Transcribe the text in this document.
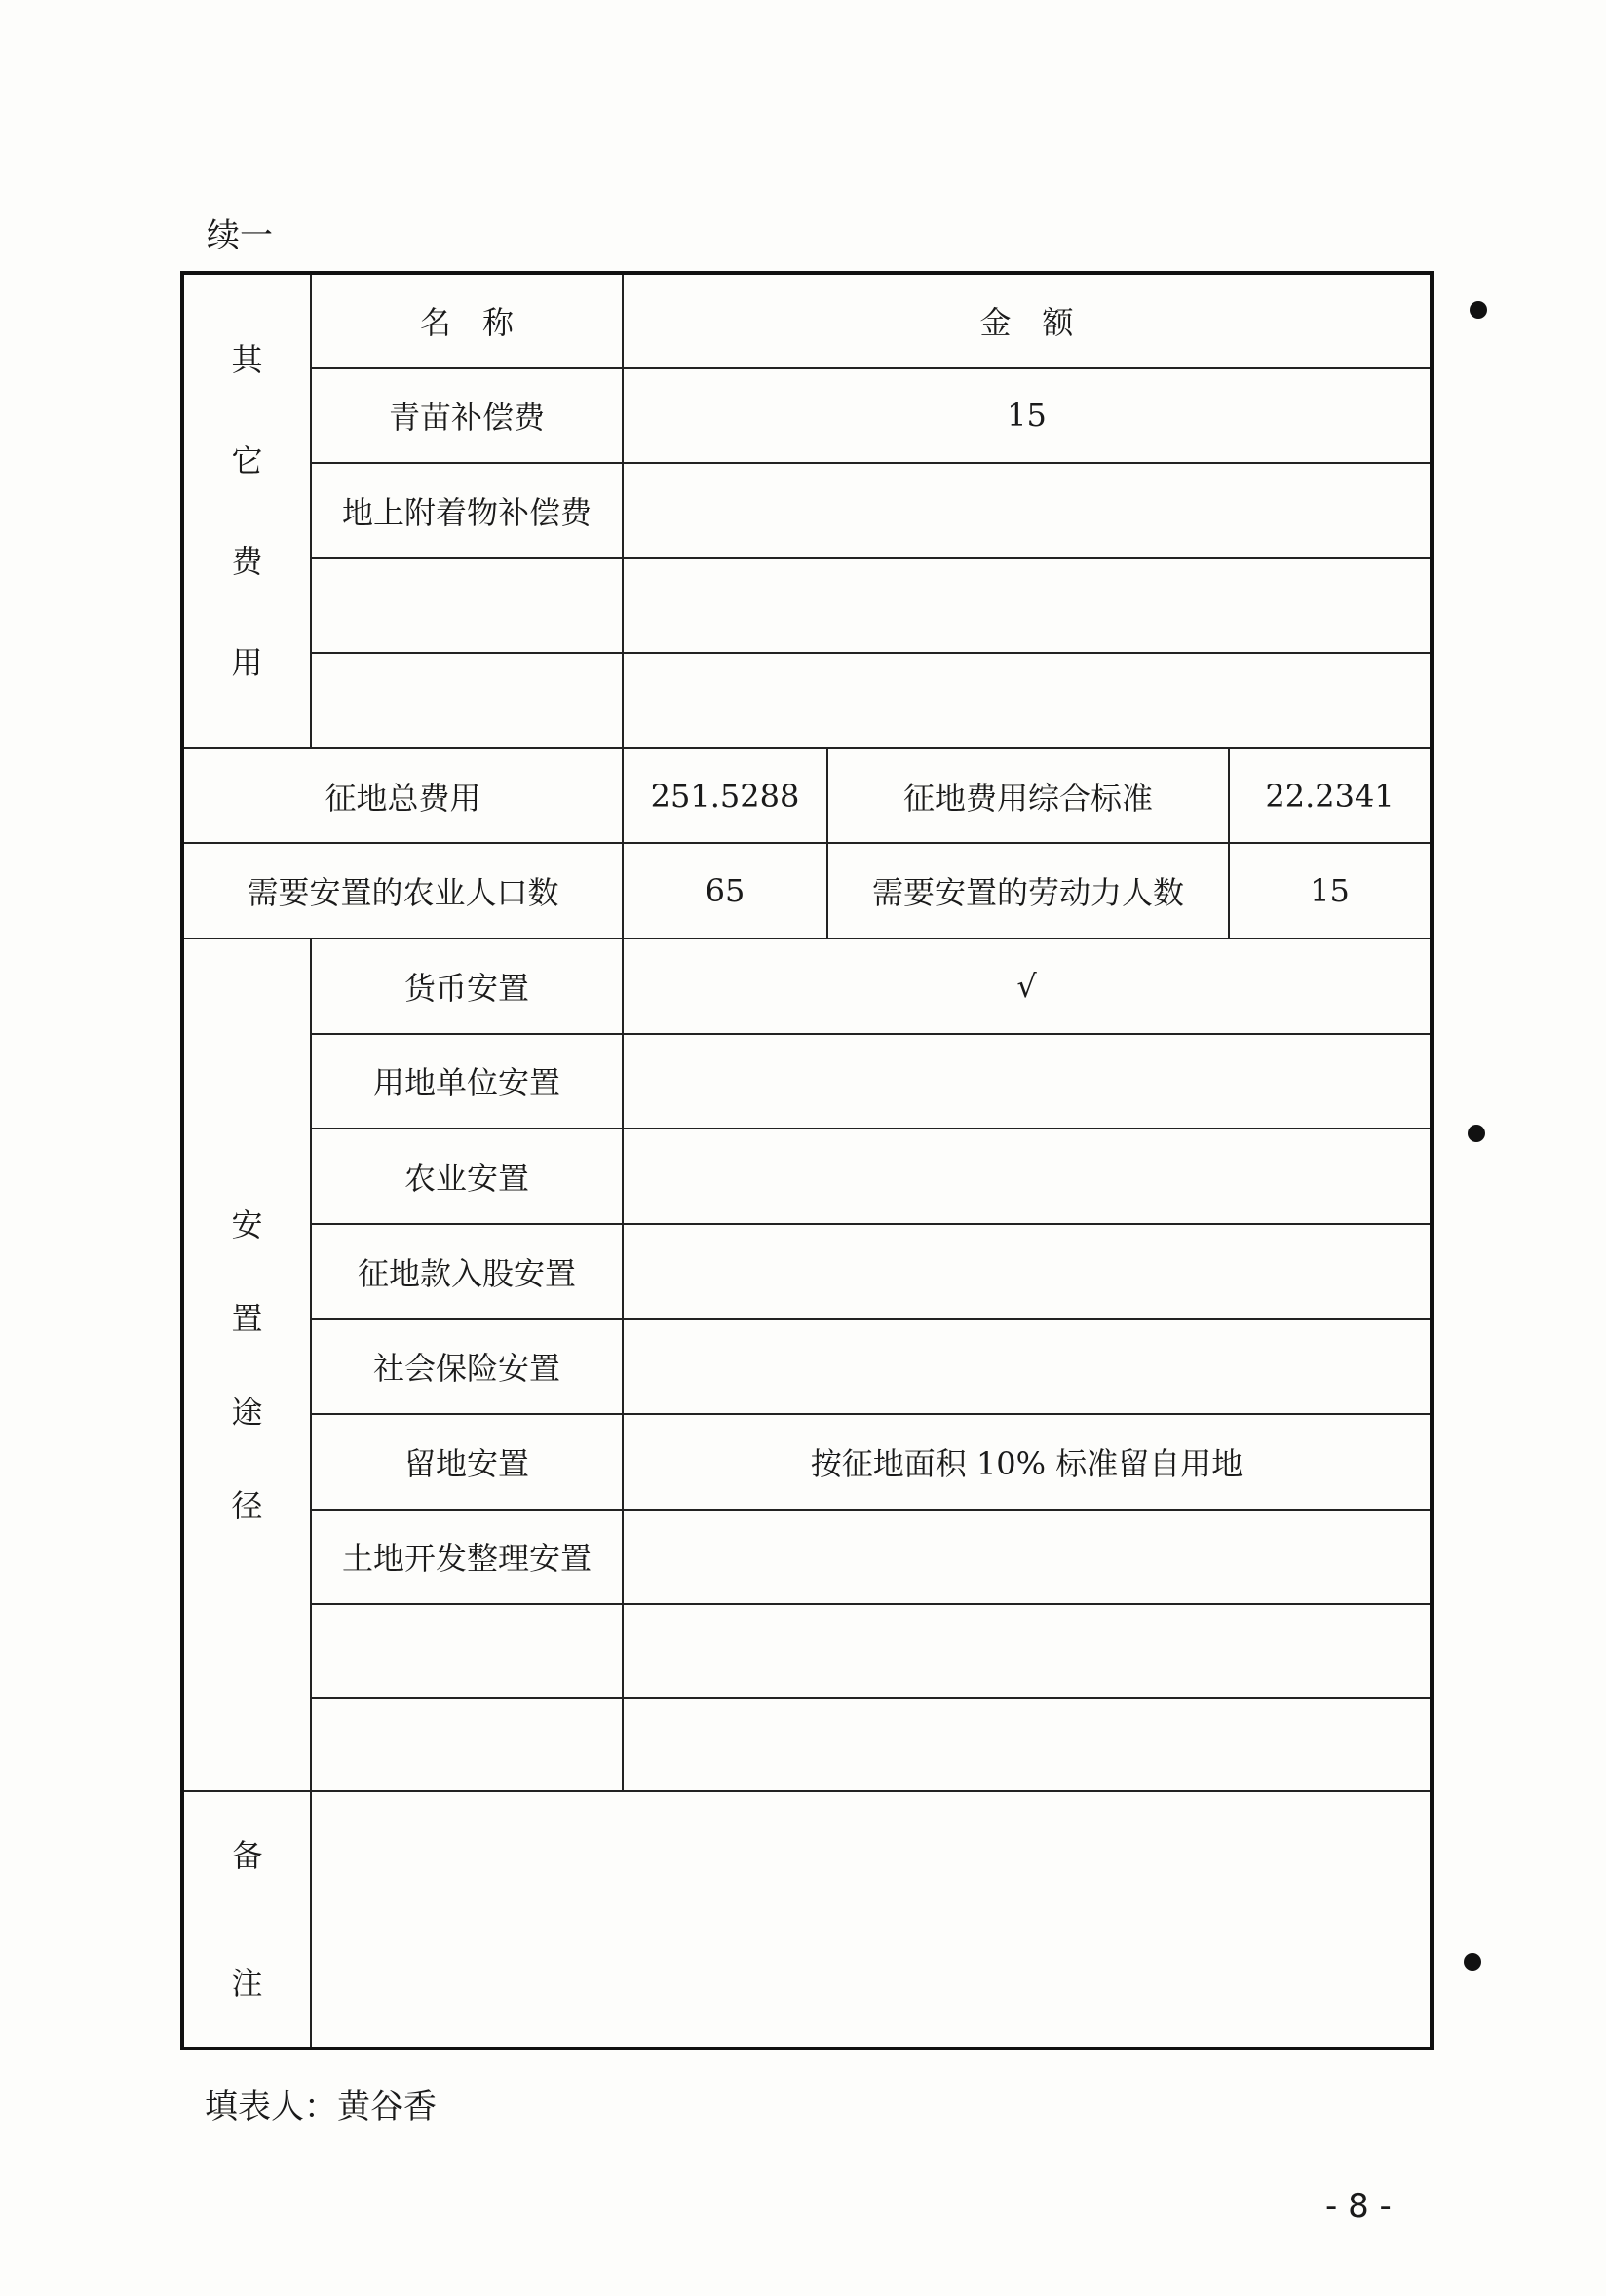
续一
其
它
费
用	名　称	金　额		
	青苗补偿费	15		
	地上附着物补偿费			

征地总费用		251.5288	征地费用综合标准	22.2341
需要安置的农业人口数		65	需要安置的劳动力人数	15

安
置
途
径	货币安置	√		
	用地单位安置			
	农业安置			
	征地款入股安置			
	社会保险安置			
	留地安置	按征地面积 10% 标准留自用地		
	土地开发整理安置			

备
注				

填表人：黄谷香
- 8 -
